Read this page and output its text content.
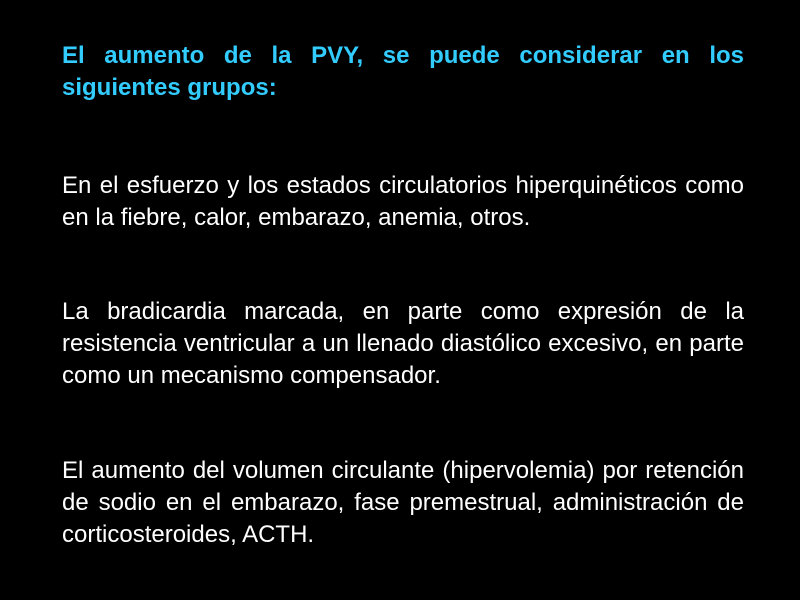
El aumento de la PVY, se puede considerar en los siguientes grupos:

En el esfuerzo y los estados circulatorios hiperquinéticos como en la fiebre, calor, embarazo, anemia, otros.

La bradicardia marcada, en parte como expresión de la resistencia ventricular a un llenado diastólico excesivo, en parte como un mecanismo compensador.

El aumento del volumen circulante (hipervolemia) por retención de sodio en el embarazo, fase premestrual, administración de corticosteroides, ACTH.
